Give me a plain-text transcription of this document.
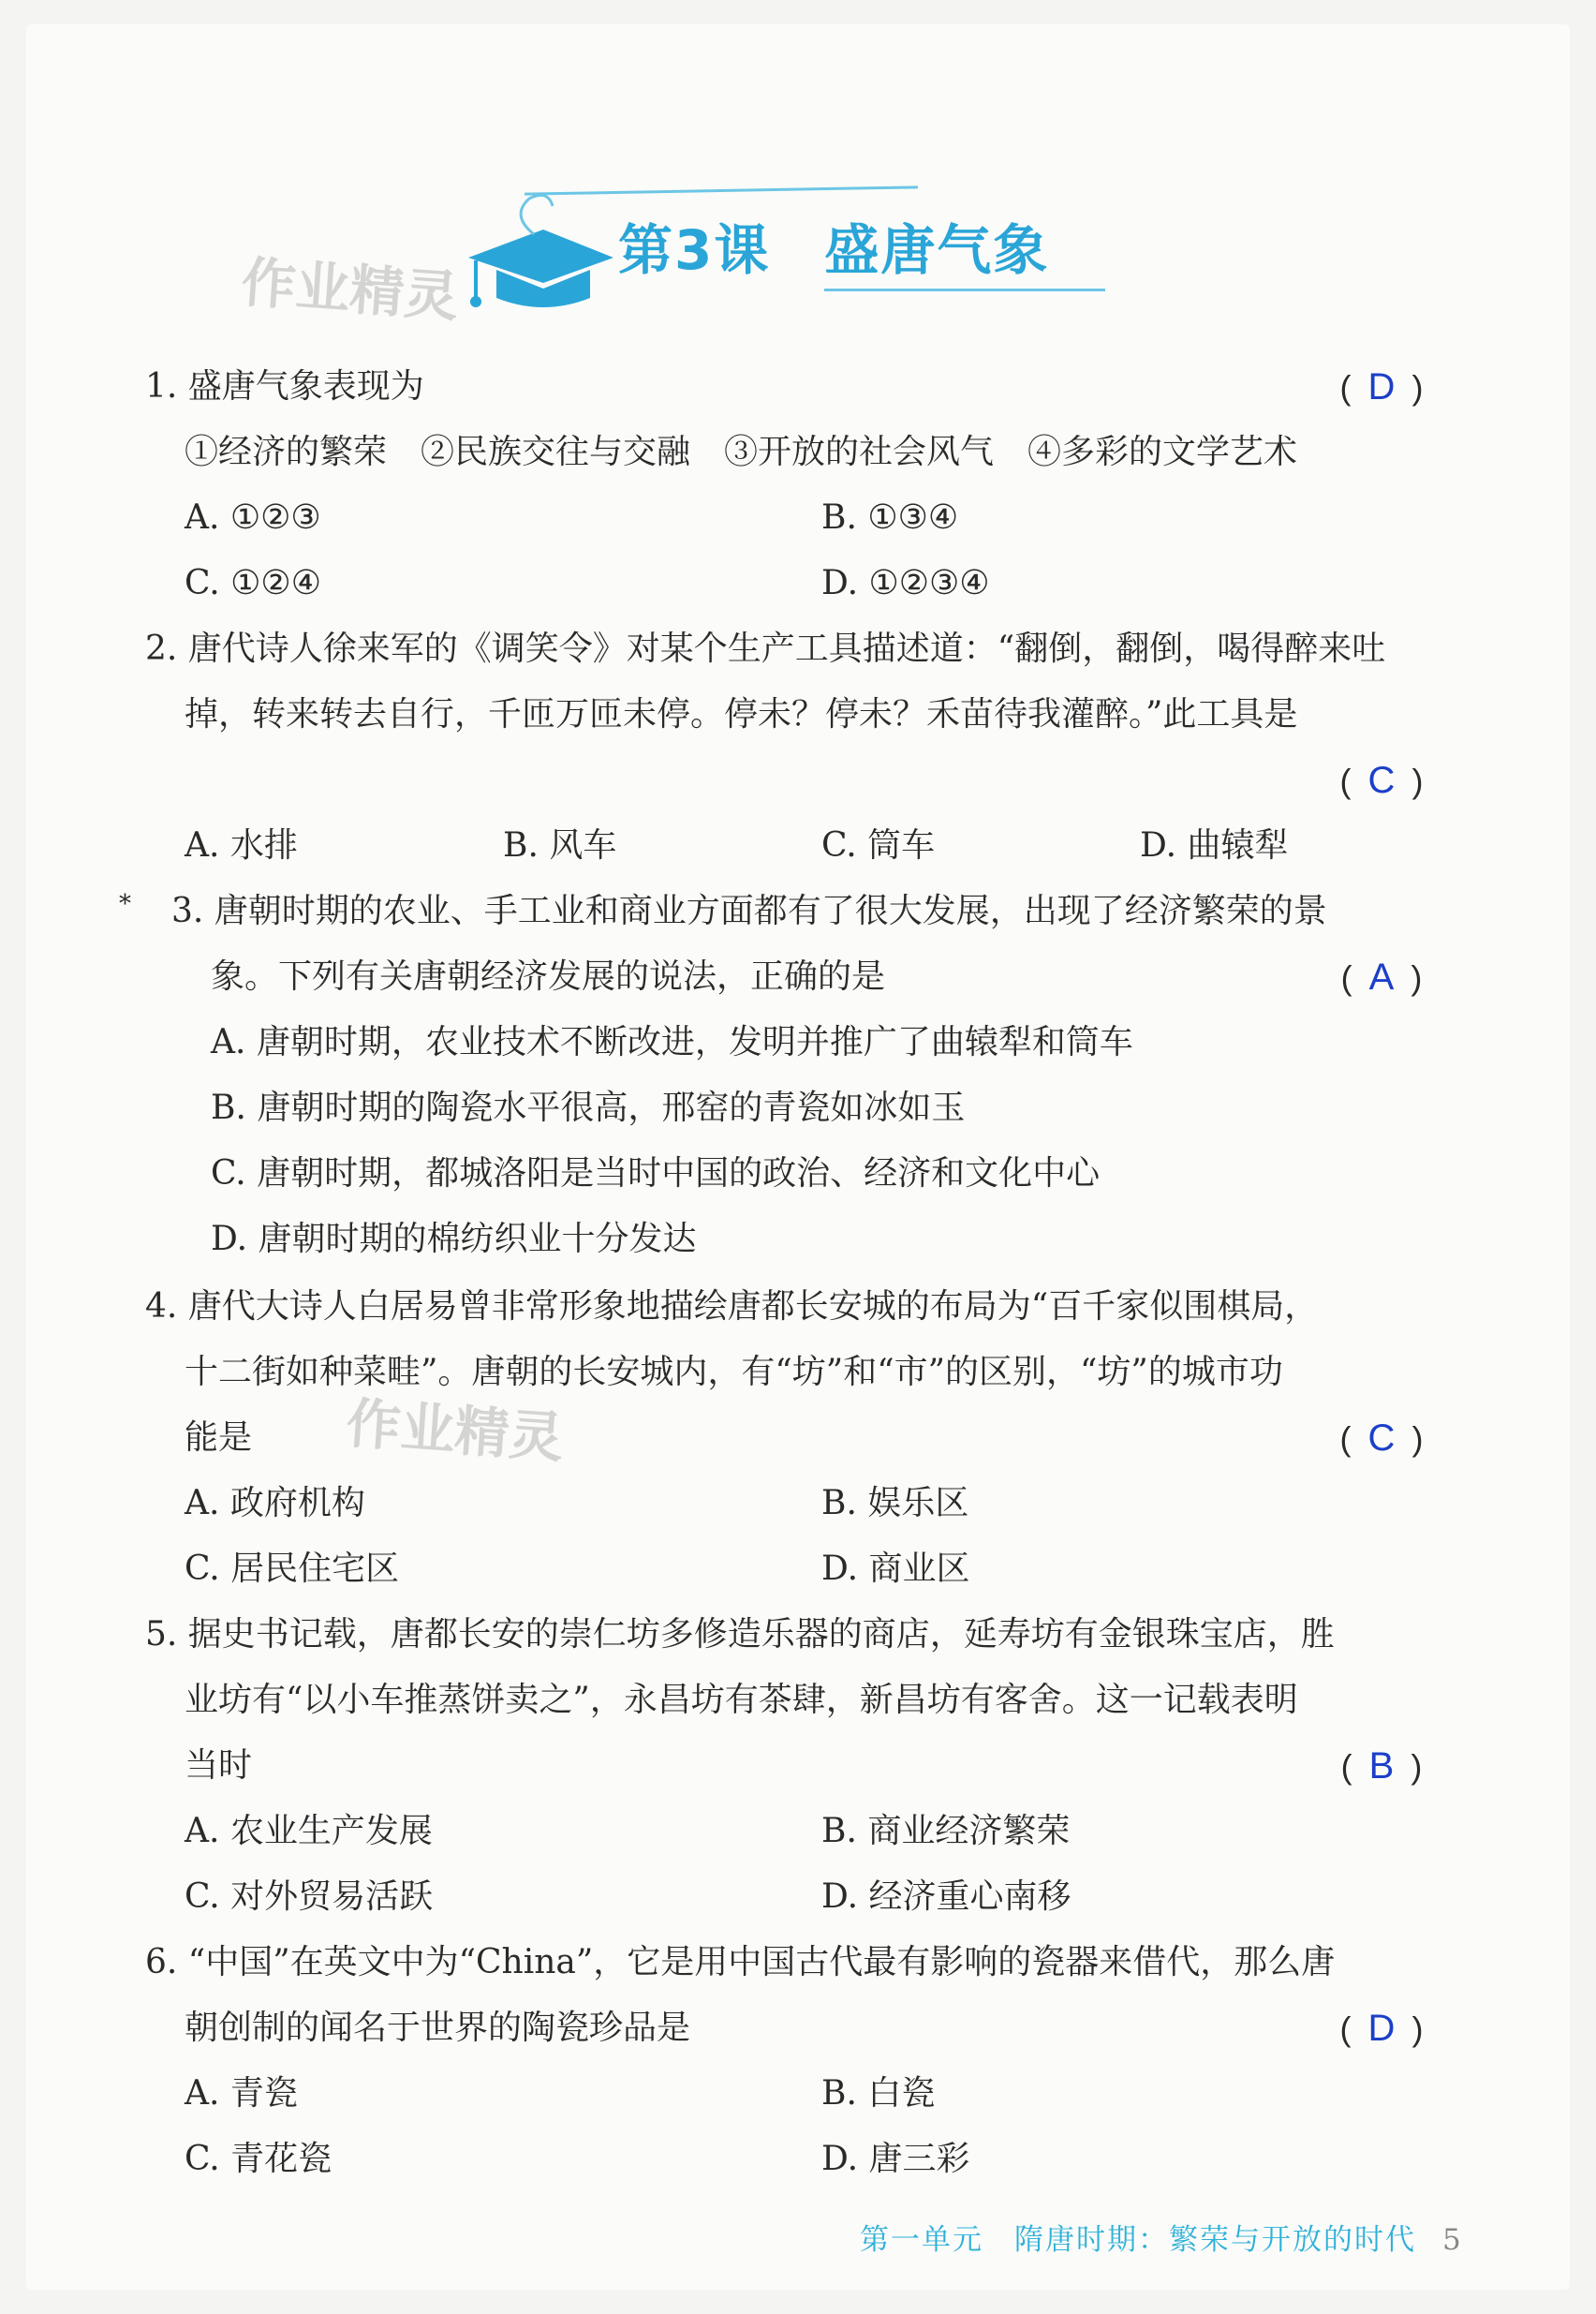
第3课 盛唐气象
作业精灵
作业精灵
1. 盛唐气象表现为	( D )
①经济的繁荣　②民族交往与交融　③开放的社会风气　④多彩的文学艺术
A. ①②③	B. ①③④
C. ①②④	D. ①②③④
2. 唐代诗人徐来军的《调笑令》对某个生产工具描述道：“翻倒，翻倒，喝得醉来吐
掉，转来转去自行，千匝万匝未停。停未？停未？禾苗待我灌醉。”此工具是
( C )
A. 水排	B. 风车	C. 筒车	D. 曲辕犁
* 3. 唐朝时期的农业、手工业和商业方面都有了很大发展，出现了经济繁荣的景
象。下列有关唐朝经济发展的说法，正确的是	( A )
A. 唐朝时期，农业技术不断改进，发明并推广了曲辕犁和筒车
B. 唐朝时期的陶瓷水平很高，邢窑的青瓷如冰如玉
C. 唐朝时期，都城洛阳是当时中国的政治、经济和文化中心
D. 唐朝时期的棉纺织业十分发达
4. 唐代大诗人白居易曾非常形象地描绘唐都长安城的布局为“百千家似围棋局，
十二街如种菜畦”。唐朝的长安城内，有“坊”和“市”的区别，“坊”的城市功
能是	( C )
A. 政府机构	B. 娱乐区
C. 居民住宅区	D. 商业区
5. 据史书记载，唐都长安的崇仁坊多修造乐器的商店，延寿坊有金银珠宝店，胜
业坊有“以小车推蒸饼卖之”，永昌坊有茶肆，新昌坊有客舍。这一记载表明
当时	( B )
A. 农业生产发展	B. 商业经济繁荣
C. 对外贸易活跃	D. 经济重心南移
6. “中国”在英文中为“China”，它是用中国古代最有影响的瓷器来借代，那么唐
朝创制的闻名于世界的陶瓷珍品是	( D )
A. 青瓷	B. 白瓷
C. 青花瓷	D. 唐三彩
第一单元　隋唐时期：繁荣与开放的时代 5
